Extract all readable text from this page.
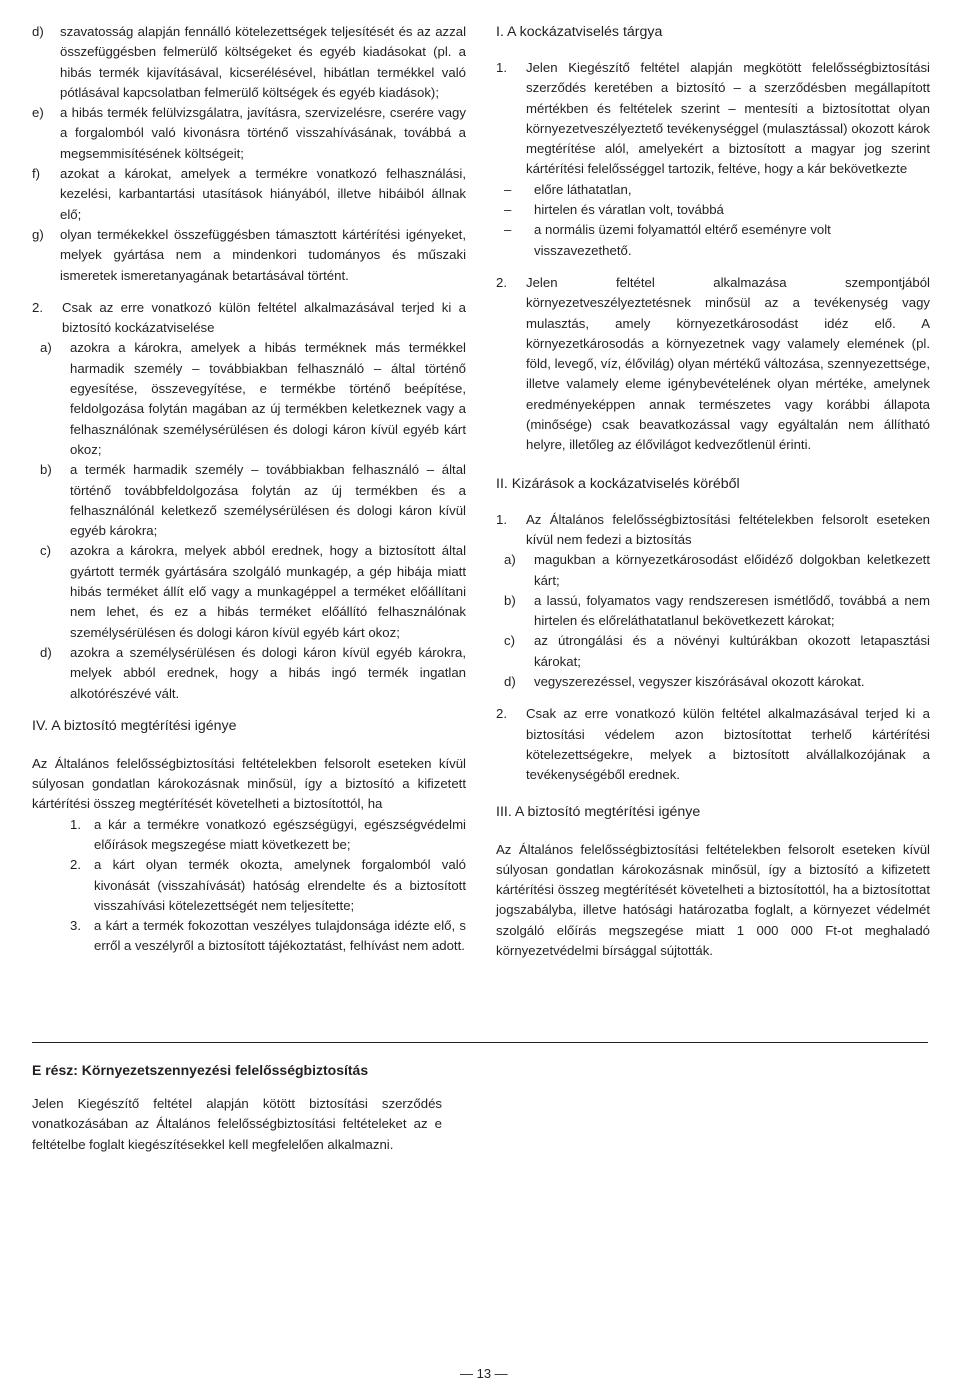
d) szavatosság alapján fennálló kötelezettségek teljesítését és az azzal összefüggésben felmerülő költségeket és egyéb kiadásokat (pl. a hibás termék kijavításával, kicserélésével, hibátlan termékkel való pótlásával kapcsolatban felmerülő költségek és egyéb kiadások);
e) a hibás termék felülvizsgálatra, javításra, szervizelésre, cserére vagy a forgalomból való kivonásra történő visszahívásának, továbbá a megsemmisítésének költségeit;
f) azokat a károkat, amelyek a termékre vonatkozó felhasználási, kezelési, karbantartási utasítások hiányából, illetve hibáiból állnak elő;
g) olyan termékekkel összefüggésben támasztott kártérítési igényeket, melyek gyártása nem a mindenkori tudományos és műszaki ismeretek ismeretanyagának betartásával történt.
2. Csak az erre vonatkozó külön feltétel alkalmazásával terjed ki a biztosító kockázatviselése
a) azokra a károkra, amelyek a hibás terméknek más termékkel harmadik személy – továbbiakban felhasználó – által történő egyesítése, összevegyítése, e termékbe történő beépítése, feldolgozása folytán magában az új termékben keletkeznek vagy a felhasználónak személysérülésen és dologi káron kívül egyéb kárt okoz;
b) a termék harmadik személy – továbbiakban felhasználó – által történő továbbfeldolgozása folytán az új termékben és a felhasználónál keletkező személysérülésen és dologi káron kívül egyéb károkra;
c) azokra a károkra, melyek abból erednek, hogy a biztosított által gyártott termék gyártására szolgáló munkagép, a gép hibája miatt hibás terméket állít elő vagy a munkagéppel a terméket előállítani nem lehet, és ez a hibás terméket előállító felhasználónak személysérülésen és dologi káron kívül egyéb kárt okoz;
d) azokra a személysérülésen és dologi káron kívül egyéb károkra, melyek abból erednek, hogy a hibás ingó termék ingatlan alkotórészévé vált.
IV. A biztosító megtérítési igénye

Az Általános felelősségbiztosítási feltételekben felsorolt eseteken kívül súlyosan gondatlan károkozásnak minősül, így a biztosító a kifizetett kártérítési összeg megtérítését követelheti a biztosítottól, ha

1. a kár a termékre vonatkozó egészségügyi, egészségvédelmi előírások megszegése miatt következett be;
2. a kárt olyan termék okozta, amelynek forgalomból való kivonását (visszahívását) hatóság elrendelte és a biztosított visszahívási kötelezettségét nem teljesítette;
3. a kárt a termék fokozottan veszélyes tulajdonsága idézte elő, s erről a veszélyről a biztosított tájékoztatást, felhívást nem adott.
I. A kockázatviselés tárgya
1. Jelen Kiegészítő feltétel alapján megkötött felelősségbiztosítási szerződés keretében a biztosító – a szerződésben megállapított mértékben és feltételek szerint – mentesíti a biztosítottat olyan környezetveszélyeztető tevékenységgel (mulasztással) okozott károk megtérítése alól, amelyekért a biztosított a magyar jog szerint kártérítési felelősséggel tartozik, feltéve, hogy a kár bekövetkezte
– előre láthatatlan,
– hirtelen és váratlan volt, továbbá
– a normális üzemi folyamattól eltérő eseményre volt visszavezethető.
2. Jelen feltétel alkalmazása szempontjából környezetveszélyeztetésnek minősül az a tevékenység vagy mulasztás, amely környezetkárosodást idéz elő. A környezetkárosodás a környezetnek vagy valamely elemének (pl. föld, levegő, víz, élővilág) olyan mértékű változása, szennyezettsége, illetve valamely eleme igénybevételének olyan mértéke, amelynek eredményeképpen annak természetes vagy korábbi állapota (minősége) csak beavatkozással vagy egyáltalán nem állítható helyre, illetőleg az élővilágot kedvezőtlenül érinti.
II. Kizárások a kockázatviselés köréből
1. Az Általános felelősségbiztosítási feltételekben felsorolt eseteken kívül nem fedezi a biztosítás
a) magukban a környezetkárosodást előidéző dolgokban keletkezett kárt;
b) a lassú, folyamatos vagy rendszeresen ismétlődő, továbbá a nem hirtelen és előreláthatatlanul bekövetkezett károkat;
c) az útrongálási és a növényi kultúrákban okozott letapasztási károkat;
d) vegyszerezéssel, vegyszer kiszórásával okozott károkat.
2. Csak az erre vonatkozó külön feltétel alkalmazásával terjed ki a biztosítási védelem azon biztosítottat terhelő kártérítési kötelezettségekre, melyek a biztosított alvállalkozójának a tevékenységéből erednek.
III. A biztosító megtérítési igénye

Az Általános felelősségbiztosítási feltételekben felsorolt eseteken kívül súlyosan gondatlan károkozásnak minősül, így a biztosító a kifizetett kártérítési összeg megtérítését követelheti a biztosítottól, ha a biztosítottat jogszabályba, illetve hatósági határozatba foglalt, a környezet védelmét szolgáló előírás megszegése miatt 1 000 000 Ft-ot meghaladó környezetvédelmi bírsággal sújtották.

E rész: Környezetszennyezési felelősségbiztosítás

Jelen Kiegészítő feltétel alapján kötött biztosítási szerződés vonatkozásában az Általános felelősségbiztosítási feltételeket az e feltételbe foglalt kiegészítésekkel kell megfelelően alkalmazni.

— 13 —
